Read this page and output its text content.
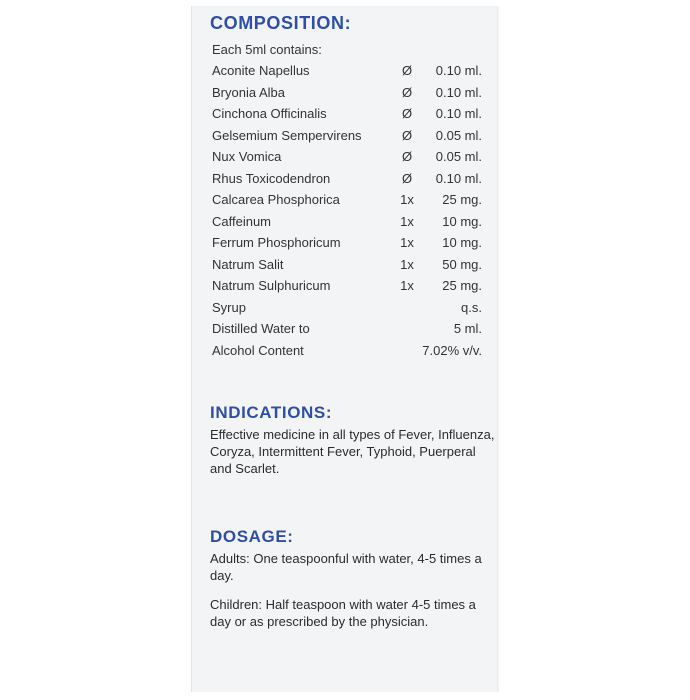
COMPOSITION:
Each 5ml contains:
Aconite Napellus	Ø 0.10 ml.
Bryonia Alba	Ø 0.10 ml.
Cinchona Officinalis	Ø 0.10 ml.
Gelsemium Sempervirens	Ø 0.05 ml.
Nux Vomica	Ø 0.05 ml.
Rhus Toxicodendron	Ø 0.10 ml.
Calcarea Phosphorica	1x 25 mg.
Caffeinum	1x 10 mg.
Ferrum Phosphoricum	1x 10 mg.
Natrum Salit	1x 50 mg.
Natrum Sulphuricum	1x 25 mg.
Syrup	q.s.
Distilled Water to	5 ml.
Alcohol Content	7.02% v/v.
INDICATIONS:

Effective medicine in all types of Fever, Influenza, Coryza, Intermittent Fever, Typhoid, Puerperal and Scarlet.

DOSAGE:

Adults: One teaspoonful with water, 4-5 times a day.

Children: Half teaspoon with water 4-5 times a day or as prescribed by the physician.
